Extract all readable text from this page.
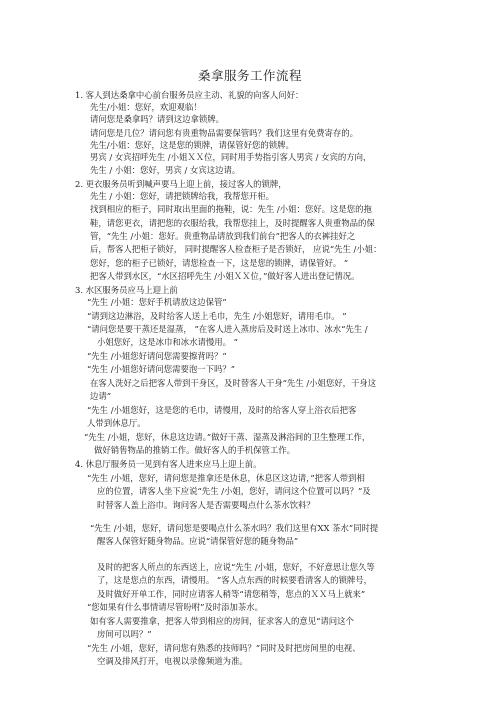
桑拿服务工作流程
1. 客人到达桑拿中心前台服务员应主动、礼貌的向客人问好：
先生/小姐：您好，欢迎观临！
请问您是桑拿吗？请到这边拿锁牌。
请问您是几位？请问您有贵重物品需要保管吗？我们这里有免费寄存的。
先生/小姐：您好，这是您的锁牌，请保管好您的锁牌。
男宾 / 女宾招呼先生 /小姐ＸＸ位，同时用手势指引客人男宾 / 女宾的方向，
先生 / 小姐：您好，男宾 / 女宾这边请。
2. 更衣服务员听到喊声要马上迎上前，接过客人的锁牌，
先生 / 小姐：您好，请把锁牌给我，我帮您开柜。
找到相应的柜子，同时取出里面的拖鞋，说：先生 /小姐：您好。这是您的拖
鞋，请您更衣，请把您的衣服给我，我帮您挂上，及时提醒客人贵重物品的保
管，“先生 /小姐：您好。贵重物品请放到我们前台”把客人的衣裤挂好之
后，帮客人把柜子锁好， 同时提醒客人检查柜子是否锁好， 应说“先生 /小姐：
您好，您的柜子已锁好，请您检查一下，这是您的锁牌，请保管好。 ”
把客人带到水区，“水区招呼先生 /小姐ＸＸ位，”做好客人进出登记情况。
3. 水区服务员应马上迎上前
“先生 /小姐：您好手机请放这边保管”
“请到这边淋浴，及时给客人送上毛巾，先生 /小姐您好，请用毛巾。 ”
“请问您是要干蒸还是湿蒸， ”在客人进入蒸房后及时送上冰巾、冰水“先生 /
小姐您好，这是冰巾和冰水请慢用。 ”
“先生 /小姐您好请问您需要擦背吗？”
“先生 /小姐您好请问您需要泡一下吗？”
在客人洗好之后把客人带到干身区，及时替客人干身“先生 /小姐您好，干身这
边请”
“先生 /小姐您好，这是您的毛巾，请慢用，及时的给客人穿上浴衣后把客
人带到休息厅。
“先生 /小姐，您好，休息这边请。”做好干蒸、湿蒸及淋浴间的卫生整理工作，
做好销售物品的推销工作。做好客人的手机保管工作。
4. 休息厅服务员一见到有客人进来应马上迎上前。
“先生 /小姐，您好，请问您是推拿还是休息，休息区这边请，”把客人带到相
应的位置，请客人坐下应说“先生 /小姐，您好，请问这个位置可以吗？”及
时替客人盖上浴巾。询问客人是否需要喝点什么茶水饮料？
“先生 /小姐，您好，请问您是要喝点什么茶水吗？我们这里有XX 茶水”同时提
醒客人保管好随身物品。应说“请保管好您的随身物品”
及时的把客人所点的东西送上，应说“先生 /小姐，您好，不好意思让您久等
了，这是您点的东西，请慢用。 ”客人点东西的时候要看清客人的锁牌号，
及时做好开单工作，同时应请客人稍等“请您稍等，您点的ＸＸ马上就来”
“您如果有什么事情请尽管吩咐”及时添加茶水。
如有客人需要推拿，把客人带到相应的房间，征求客人的意见“请问这个
房间可以吗？”
“先生 /小姐，您好，请问您有熟悉的技师吗？”同时及时把房间里的电视、
空调及排风打开，电视以录像频道为准。
